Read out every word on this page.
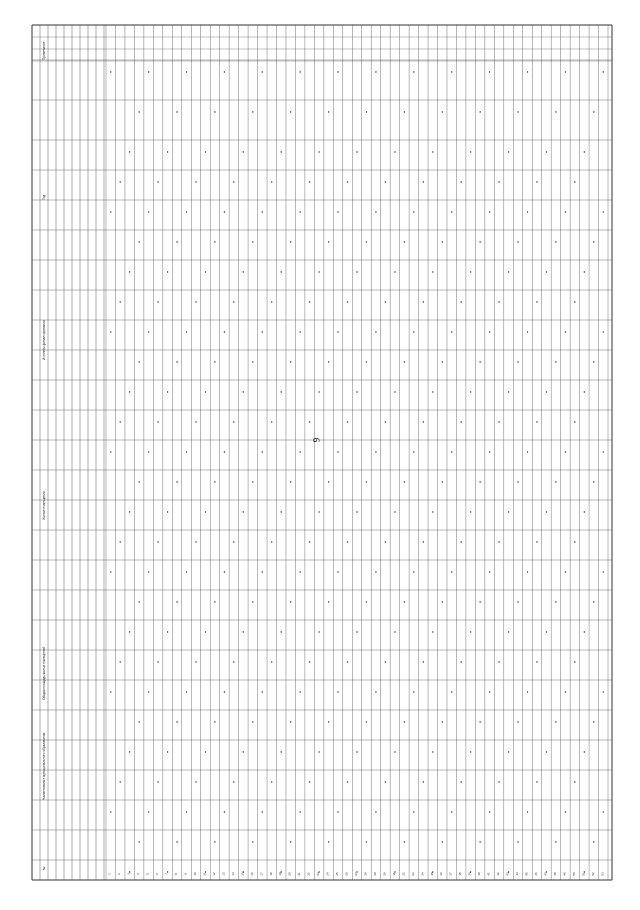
1 2 3 4 5 6 7 8 9 10 11 12 13 14 15 16 17 18 19 20 21 22 23 24 25 26 27 28 29 30 31 32 33 34 35 36 37 38 39 40 41 42 43 44 45 46 47 48 49 50 51 52 53
№
Наименование муниципального образования
Общая площадь жилых помещений
Жилые помещения
Источник финансирования
Год
Примечание
9
